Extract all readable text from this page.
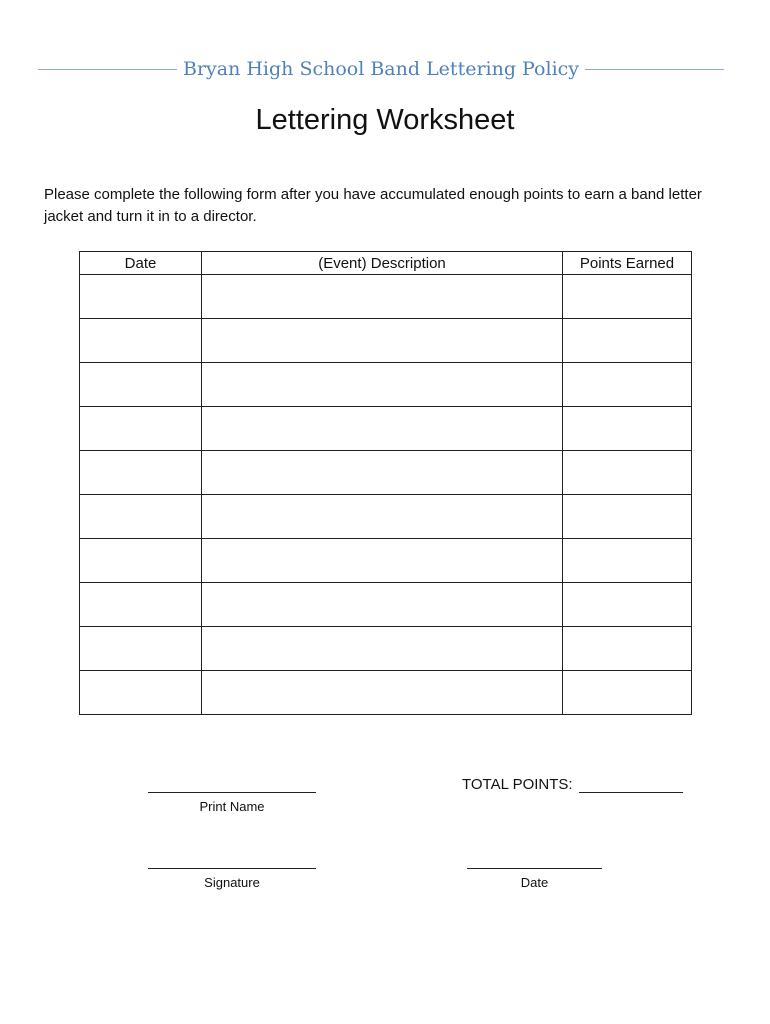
Bryan High School Band Lettering Policy
Lettering Worksheet
Please complete the following form after you have accumulated enough points to earn a band letter jacket and turn it in to a director.
Date	(Event) Description	Points Earned

Print Name
TOTAL POINTS:
Signature	Date
